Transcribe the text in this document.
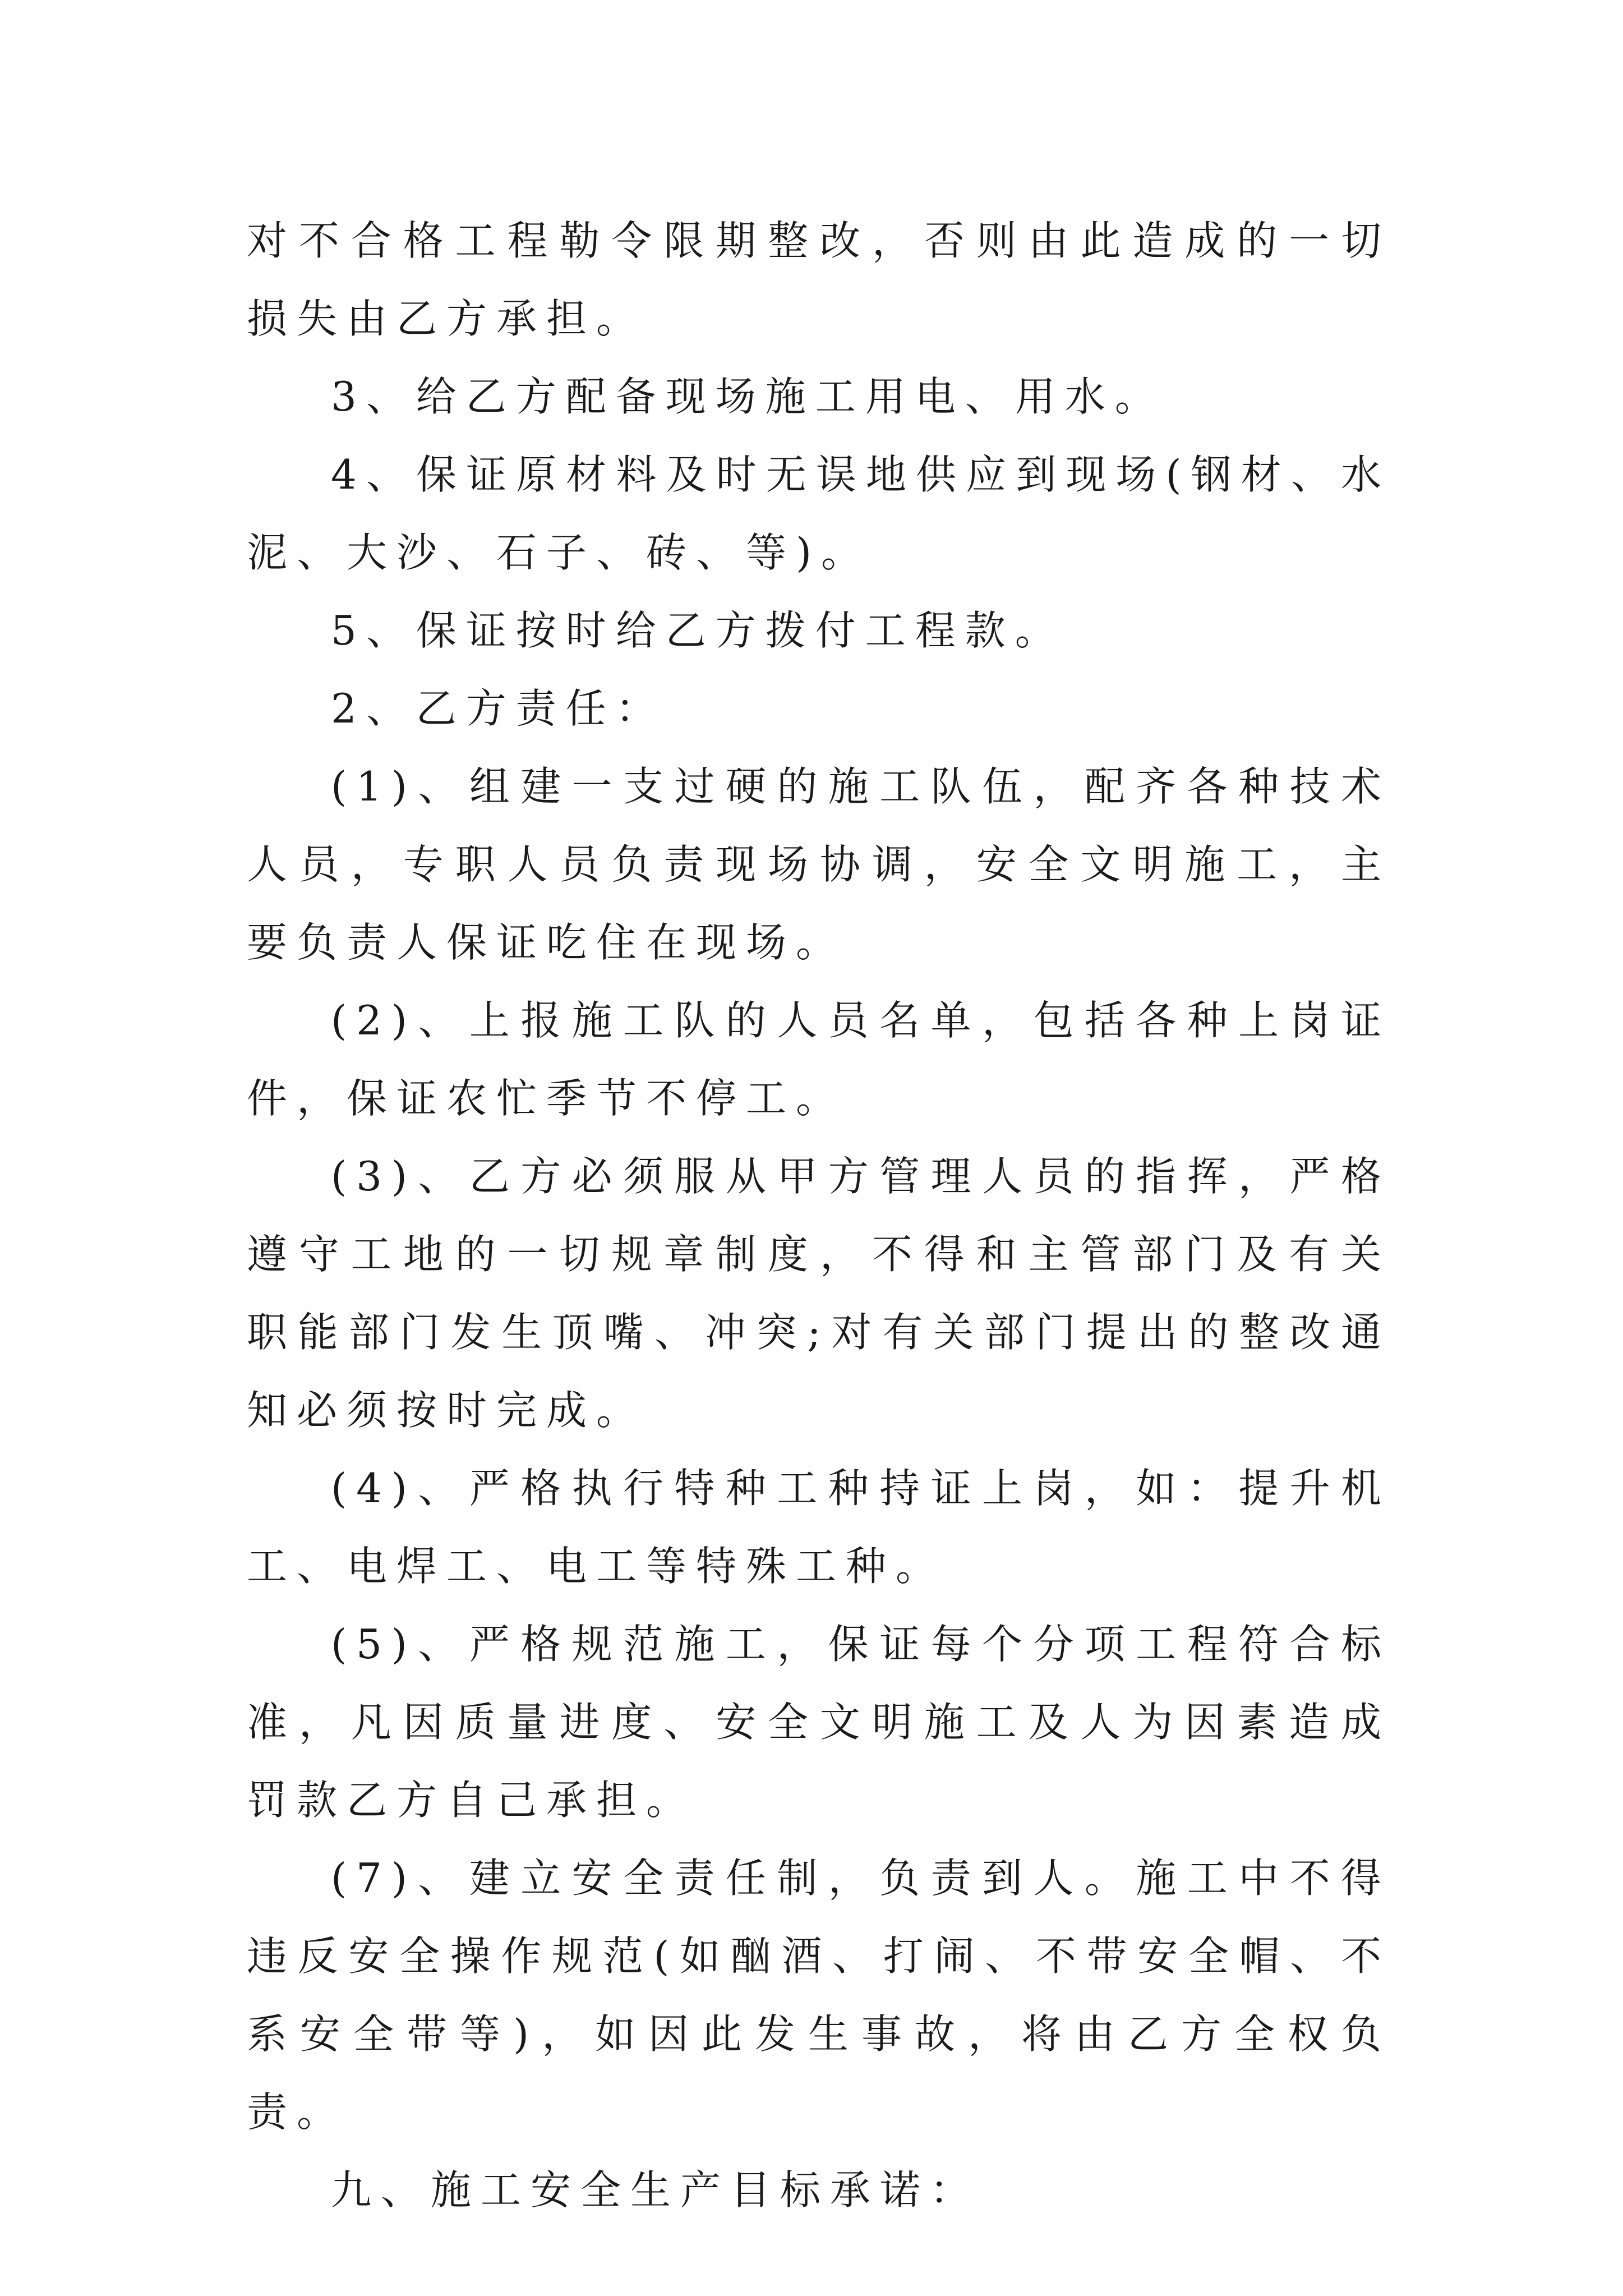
对不合格工程勒令限期整改，否则由此造成的一切损失由乙方承担。

3、给乙方配备现场施工用电、用水。

4、保证原材料及时无误地供应到现场(钢材、水泥、大沙、石子、砖、等)。

5、保证按时给乙方拨付工程款。

2、乙方责任：

(1)、组建一支过硬的施工队伍，配齐各种技术人员，专职人员负责现场协调，安全文明施工，主要负责人保证吃住在现场。

(2)、上报施工队的人员名单，包括各种上岗证件，保证农忙季节不停工。

(3)、乙方必须服从甲方管理人员的指挥，严格遵守工地的一切规章制度，不得和主管部门及有关职能部门发生顶嘴、冲突;对有关部门提出的整改通知必须按时完成。

(4)、严格执行特种工种持证上岗，如：提升机工、电焊工、电工等特殊工种。

(5)、严格规范施工，保证每个分项工程符合标准，凡因质量进度、安全文明施工及人为因素造成罚款乙方自己承担。

(7)、建立安全责任制，负责到人。施工中不得违反安全操作规范(如酗酒、打闹、不带安全帽、不系安全带等)，如因此发生事故，将由乙方全权负责。

九、施工安全生产目标承诺：
